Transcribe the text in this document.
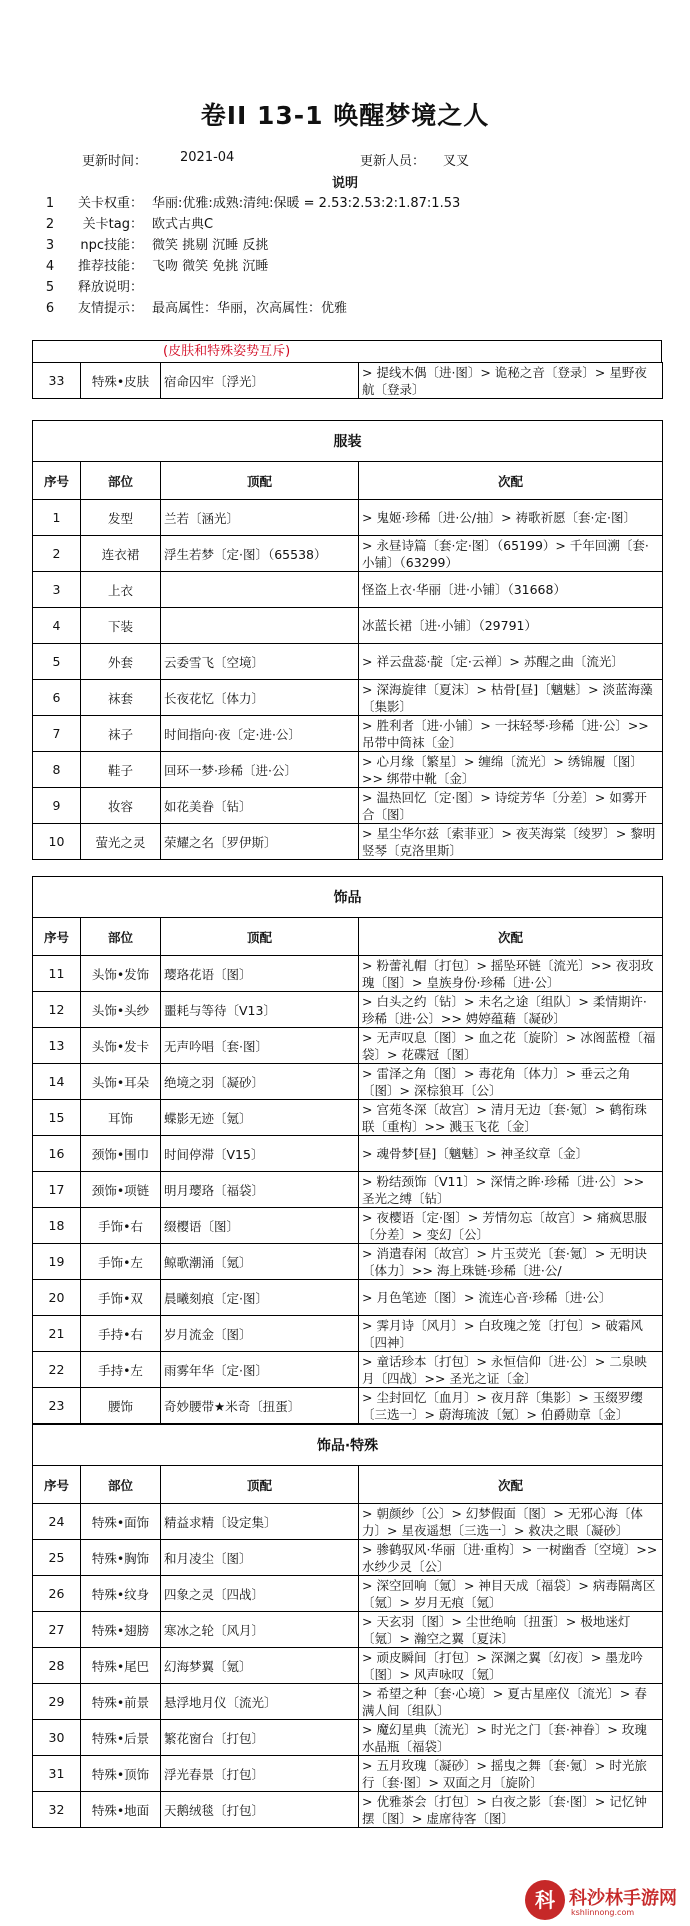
卷II 13-1 唤醒梦境之人
更新时间：	2021-04	更新人员： 叉叉
说明
1	关卡权重： 华丽:优雅:成熟:清纯:保暖 = 2.53:2.53:2:1.87:1.53
2	关卡tag： 欧式古典C
3	npc技能： 微笑 挑剔 沉睡 反挑
4	推荐技能： 飞吻 微笑 免挑 沉睡
5	释放说明：
6	友情提示： 最高属性：华丽，次高属性：优雅
(皮肤和特殊姿势互斥)
33	特殊•皮肤	宿命囚牢〔浮光〕	> 提线木偶〔进·图〕> 诡秘之音〔登录〕> 星野夜航〔登录〕
服装			
序号	部位	顶配	次配
1	发型	兰若〔涵光〕	> 鬼姬·珍稀〔进·公/抽〕> 祷歌祈愿〔套·定·图〕
2	连衣裙	浮生若梦〔定·图〕（65538）	> 永昼诗篇〔套·定·图〕（65199）> 千年回溯〔套·小铺〕（63299）
3	上衣		怪盗上衣·华丽〔进·小铺〕（31668）
4	下装		冰蓝长裙〔进·小铺〕（29791）
5	外套	云委雪飞〔空境〕	> 祥云盘蕊·靛〔定·云禅〕> 苏醒之曲〔流光〕
6	袜套	长夜花忆〔体力〕	> 深海旋律〔夏沫〕> 枯骨[昼]〔魑魅〕> 淡蓝海藻〔集影〕
7	袜子	时间指向·夜〔定·进·公〕	> 胜利者〔进·小铺〕> 一抹轻琴·珍稀〔进·公〕>> 吊带中筒袜〔金〕
8	鞋子	回环一梦·珍稀〔进·公〕	> 心月缘〔繁星〕> 缠绵〔流光〕> 绣锦履〔图〕>> 绑带中靴〔金〕
9	妆容	如花美眷〔钻〕	> 温热回忆〔定·图〕> 诗绽芳华〔分差〕> 如雾开合〔图〕
10	萤光之灵	荣耀之名〔罗伊斯〕	> 星尘华尔兹〔索菲亚〕> 夜芙海棠〔绫罗〕> 黎明竖琴〔克洛里斯〕
饰品			
序号	部位	顶配	次配
11	头饰•发饰	璎珞花语〔图〕	> 粉蕾礼帽〔打包〕> 摇坠环链〔流光〕>> 夜羽玫瑰〔图〕> 皇族身份·珍稀〔进·公〕
12	头饰•头纱	噩耗与等待〔V13〕	> 白头之约〔钻〕> 未名之途〔组队〕> 柔情期许·珍稀〔进·公〕>> 娉婷蕴藉〔凝砂〕
13	头饰•发卡	无声吟唱〔套·图〕	> 无声叹息〔图〕> 血之花〔旋阶〕> 冰阁蓝橙〔福袋〕> 花碟冠〔图〕
14	头饰•耳朵	绝境之羽〔凝砂〕	> 雷泽之角〔图〕> 毒花角〔体力〕> 垂云之角〔图〕> 深棕狼耳〔公〕
15	耳饰	蝶影无迹〔氪〕	> 宫苑冬深〔故宫〕> 清月无边〔套·氪〕> 鹤衔珠联〔重构〕>> 溅玉飞花〔金〕
16	颈饰•围巾	时间停滞〔V15〕	> 魂骨梦[昼]〔魑魅〕> 神圣纹章〔金〕
17	颈饰•项链	明月璎珞〔福袋〕	> 粉结颈饰〔V11〕> 深情之眸·珍稀〔进·公〕>> 圣光之缚〔钻〕
18	手饰•右	缀樱语〔图〕	> 夜樱语〔定·图〕> 芳情勿忘〔故宫〕> 痛疯思服〔分差〕> 变幻〔公〕
19	手饰•左	鲸歌潮涌〔氪〕	> 消遣春闲〔故宫〕> 片玉荧光〔套·氪〕> 无明诀〔体力〕>> 海上珠链·珍稀〔进·公/
20	手饰•双	晨曦刻痕〔定·图〕	> 月色笔迹〔图〕> 流连心音·珍稀〔进·公〕
21	手持•右	岁月流金〔图〕	> 霁月诗〔风月〕> 白玫瑰之笼〔打包〕> 破霜风〔四神〕
22	手持•左	雨雾年华〔定·图〕	> 童话珍本〔打包〕> 永恒信仰〔进·公〕> 二泉映月〔四战〕>> 圣光之证〔金〕
23	腰饰	奇妙腰带★米奇〔扭蛋〕	> 尘封回忆〔血月〕> 夜月辞〔集影〕> 玉缀罗缨〔三选一〕> 蔚海琉波〔氪〕> 伯爵勋章〔金〕
饰品·特殊			
序号	部位	顶配	次配
24	特殊•面饰	精益求精〔设定集〕	> 朝颜纱〔公〕> 幻梦假面〔图〕> 无邪心海〔体力〕> 星夜遥想〔三选一〕> 救决之眼〔凝砂〕
25	特殊•胸饰	和月凌尘〔图〕	> 骖鹤驭风·华丽〔进·重构〕> 一树幽香〔空境〕>> 水纱少灵〔公〕
26	特殊•纹身	四象之灵〔四战〕	> 深空回响〔氪〕> 神目天成〔福袋〕> 病毒隔离区〔氪〕> 岁月无痕〔氪〕
27	特殊•翅膀	寒冰之轮〔风月〕	> 天玄羽〔图〕> 尘世绝响〔扭蛋〕> 极地迷灯〔氪〕> 瀚空之翼〔夏沫〕
28	特殊•尾巴	幻海梦翼〔氪〕	> 顽皮瞬间〔打包〕> 深渊之翼〔幻夜〕> 墨龙吟〔图〕> 风声咏叹〔氪〕
29	特殊•前景	悬浮地月仪〔流光〕	> 希望之种〔套·心境〕> 夏古星座仪〔流光〕> 春满人间〔组队〕
30	特殊•后景	繁花窗台〔打包〕	> 魔幻星典〔流光〕> 时光之门〔套·神眷〕> 玫瑰水晶瓶〔福袋〕
31	特殊•顶饰	浮光春景〔打包〕	> 五月玫瑰〔凝砂〕> 摇曳之舞〔套·氪〕> 时光旅行〔套·图〕> 双面之月〔旋阶〕
32	特殊•地面	天鹅绒毯〔打包〕	> 优雅茶会〔打包〕> 白夜之影〔套·图〕> 记忆钟摆〔图〕> 虚席待客〔图〕
科 科沙林手游网
kshlinnong.com
